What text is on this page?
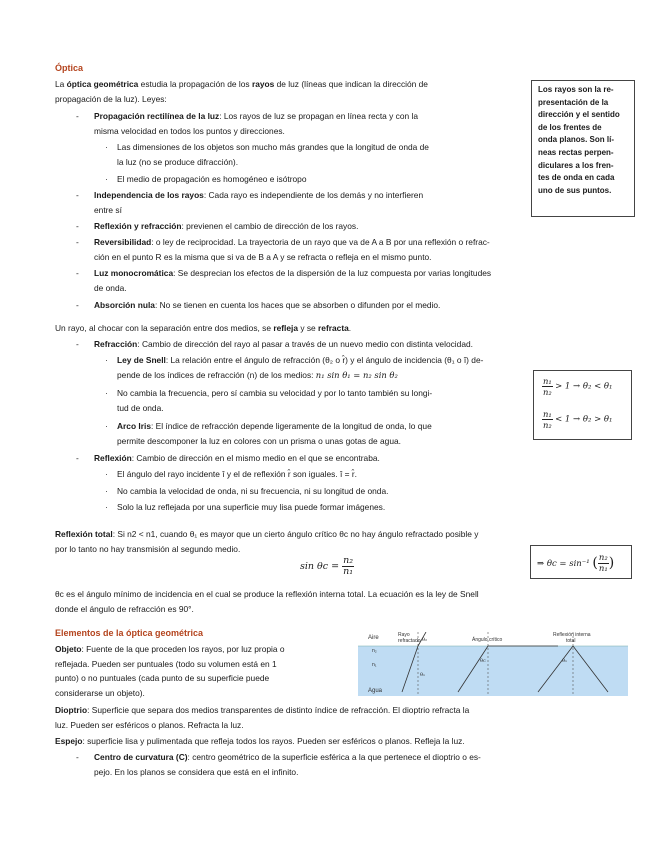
Óptica
La óptica geométrica estudia la propagación de los rayos de luz (líneas que indican la dirección de
propagación de la luz). Leyes:
Los rayos son la re-
presentación de la
dirección y el sentido
de los frentes de
onda planos. Son lí-
neas rectas perpen-
diculares a los fren-
tes de onda en cada
uno de sus puntos.
- Propagación rectilínea de la luz: Los rayos de luz se propagan en línea recta y con la
misma velocidad en todos los puntos y direcciones.
· Las dimensiones de los objetos son mucho más grandes que la longitud de onda de
la luz (no se produce difracción).
· El medio de propagación es homogéneo e isótropo
- Independencia de los rayos: Cada rayo es independiente de los demás y no interfieren
entre sí
- Reflexión y refracción: previenen el cambio de dirección de los rayos.
- Reversibilidad: o ley de reciprocidad. La trayectoria de un rayo que va de A a B por una reflexión o refrac-
ción en el punto R es la misma que si va de B a A y se refracta o refleja en el mismo punto.
- Luz monocromática: Se desprecian los efectos de la dispersión de la luz compuesta por varias longitudes
de onda.
- Absorción nula: No se tienen en cuenta los haces que se absorben o difunden por el medio.
Un rayo, al chocar con la separación entre dos medios, se refleja y se refracta.
- Refracción: Cambio de dirección del rayo al pasar a través de un nuevo medio con distinta velocidad.
· Ley de Snell: La relación entre el ángulo de refracción (θ₂ o r̂) y el ángulo de incidencia (θ₁ o î) de-
pende de los índices de refracción (n) de los medios: n₁ sin θ₁ = n₂ sin θ₂
· No cambia la frecuencia, pero sí cambia su velocidad y por lo tanto también su longi-
tud de onda.
· Arco Iris: El índice de refracción depende ligeramente de la longitud de onda, lo que
permite descomponer la luz en colores con un prisma o unas gotas de agua.
$\frac{\text{n₁}}{\text{n₂}} > 1 \to \theta_2 < \theta_1$
$\frac{\text{n₁}}{\text{n₂}} < 1 \to \theta_2 > \theta_1$
- Reflexión: Cambio de dirección en el mismo medio en el que se encontraba.
· El ángulo del rayo incidente î y el de reflexión r̂ son iguales. î = r̂.
· No cambia la velocidad de onda, ni su frecuencia, ni su longitud de onda.
· Solo la luz reflejada por una superficie muy lisa puede formar imágenes.
Reflexión total: Si n2 < n1, cuando θ₁ es mayor que un cierto ángulo crítico θc no hay ángulo refractado posible y
por lo tanto no hay transmisión al segundo medio.
$\sin \theta c = \frac{\text{n₂}}{\text{n₁}}$	⇒ θc = sin⁻¹ ( $\frac{\text{n₂}}{\text{n₁}}$ )
θc es el ángulo mínimo de incidencia en el cual se produce la reflexión interna total. La ecuación es la ley de Snell
donde el ángulo de refracción es 90°.
Elementos de la óptica geométrica
Objeto: Fuente de la que proceden los rayos, por luz propia o
reflejada. Pueden ser puntuales (todo su volumen está en 1
punto) o no puntuales (cada punto de su superficie puede
considerarse un objeto).
Aire
Agua
n₂
n₁
Rayo
refractado	Ángulo crítico
Reflexión interna
total
θ₁
θ₂
θc	θ₁
Dioptrio: Superficie que separa dos medios transparentes de distinto índice de refracción. El dioptrio refracta la
luz. Pueden ser esféricos o planos. Refracta la luz.
Espejo: superficie lisa y pulimentada que refleja todos los rayos. Pueden ser esféricos o planos. Refleja la luz.
- Centro de curvatura (C): centro geométrico de la superficie esférica a la que pertenece el dioptrio o es-
pejo. En los planos se considera que está en el infinito.
